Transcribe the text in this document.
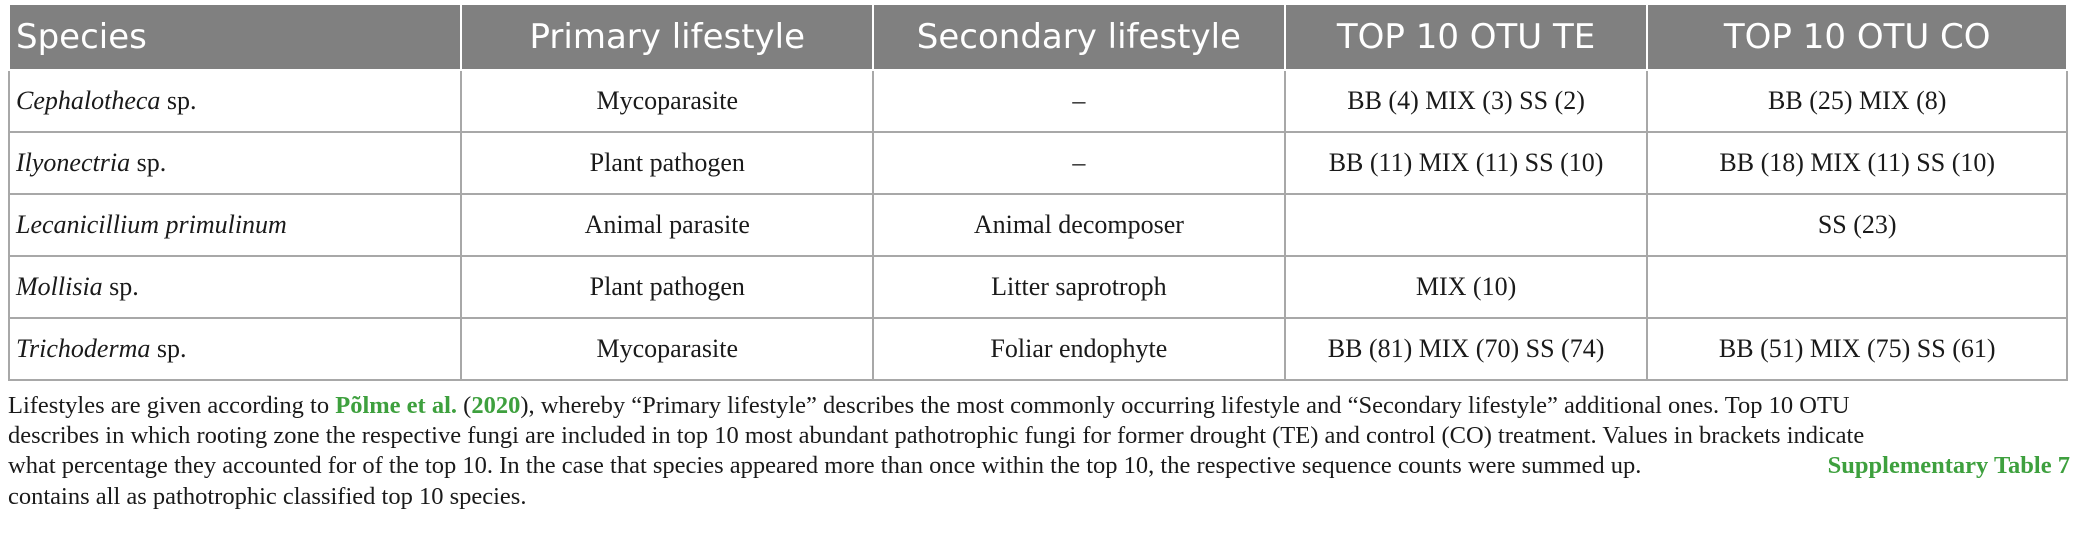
Species	Primary lifestyle	Secondary lifestyle	TOP 10 OTU TE	TOP 10 OTU CO
Cephalotheca sp.	Mycoparasite	–	BB (4) MIX (3) SS (2)	BB (25) MIX (8)
Ilyonectria sp.	Plant pathogen	–	BB (11) MIX (11) SS (10)	BB (18) MIX (11) SS (10)
Lecanicillium primulinum	Animal parasite	Animal decomposer		SS (23)
Mollisia sp.	Plant pathogen	Litter saprotroph	MIX (10)	
Trichoderma sp.	Mycoparasite	Foliar endophyte	BB (81) MIX (70) SS (74)	BB (51) MIX (75) SS (61)
Lifestyles are given according to Põlme et al. (2020), whereby “Primary lifestyle” describes the most commonly occurring lifestyle and “Secondary lifestyle” additional ones. Top 10 OTU
describes in which rooting zone the respective fungi are included in top 10 most abundant pathotrophic fungi for former drought (TE) and control (CO) treatment. Values in brackets indicate
what percentage they accounted for of the top 10. In the case that species appeared more than once within the top 10, the respective sequence counts were summed up.	Supplementary Table 7
contains all as pathotrophic classified top 10 species.
